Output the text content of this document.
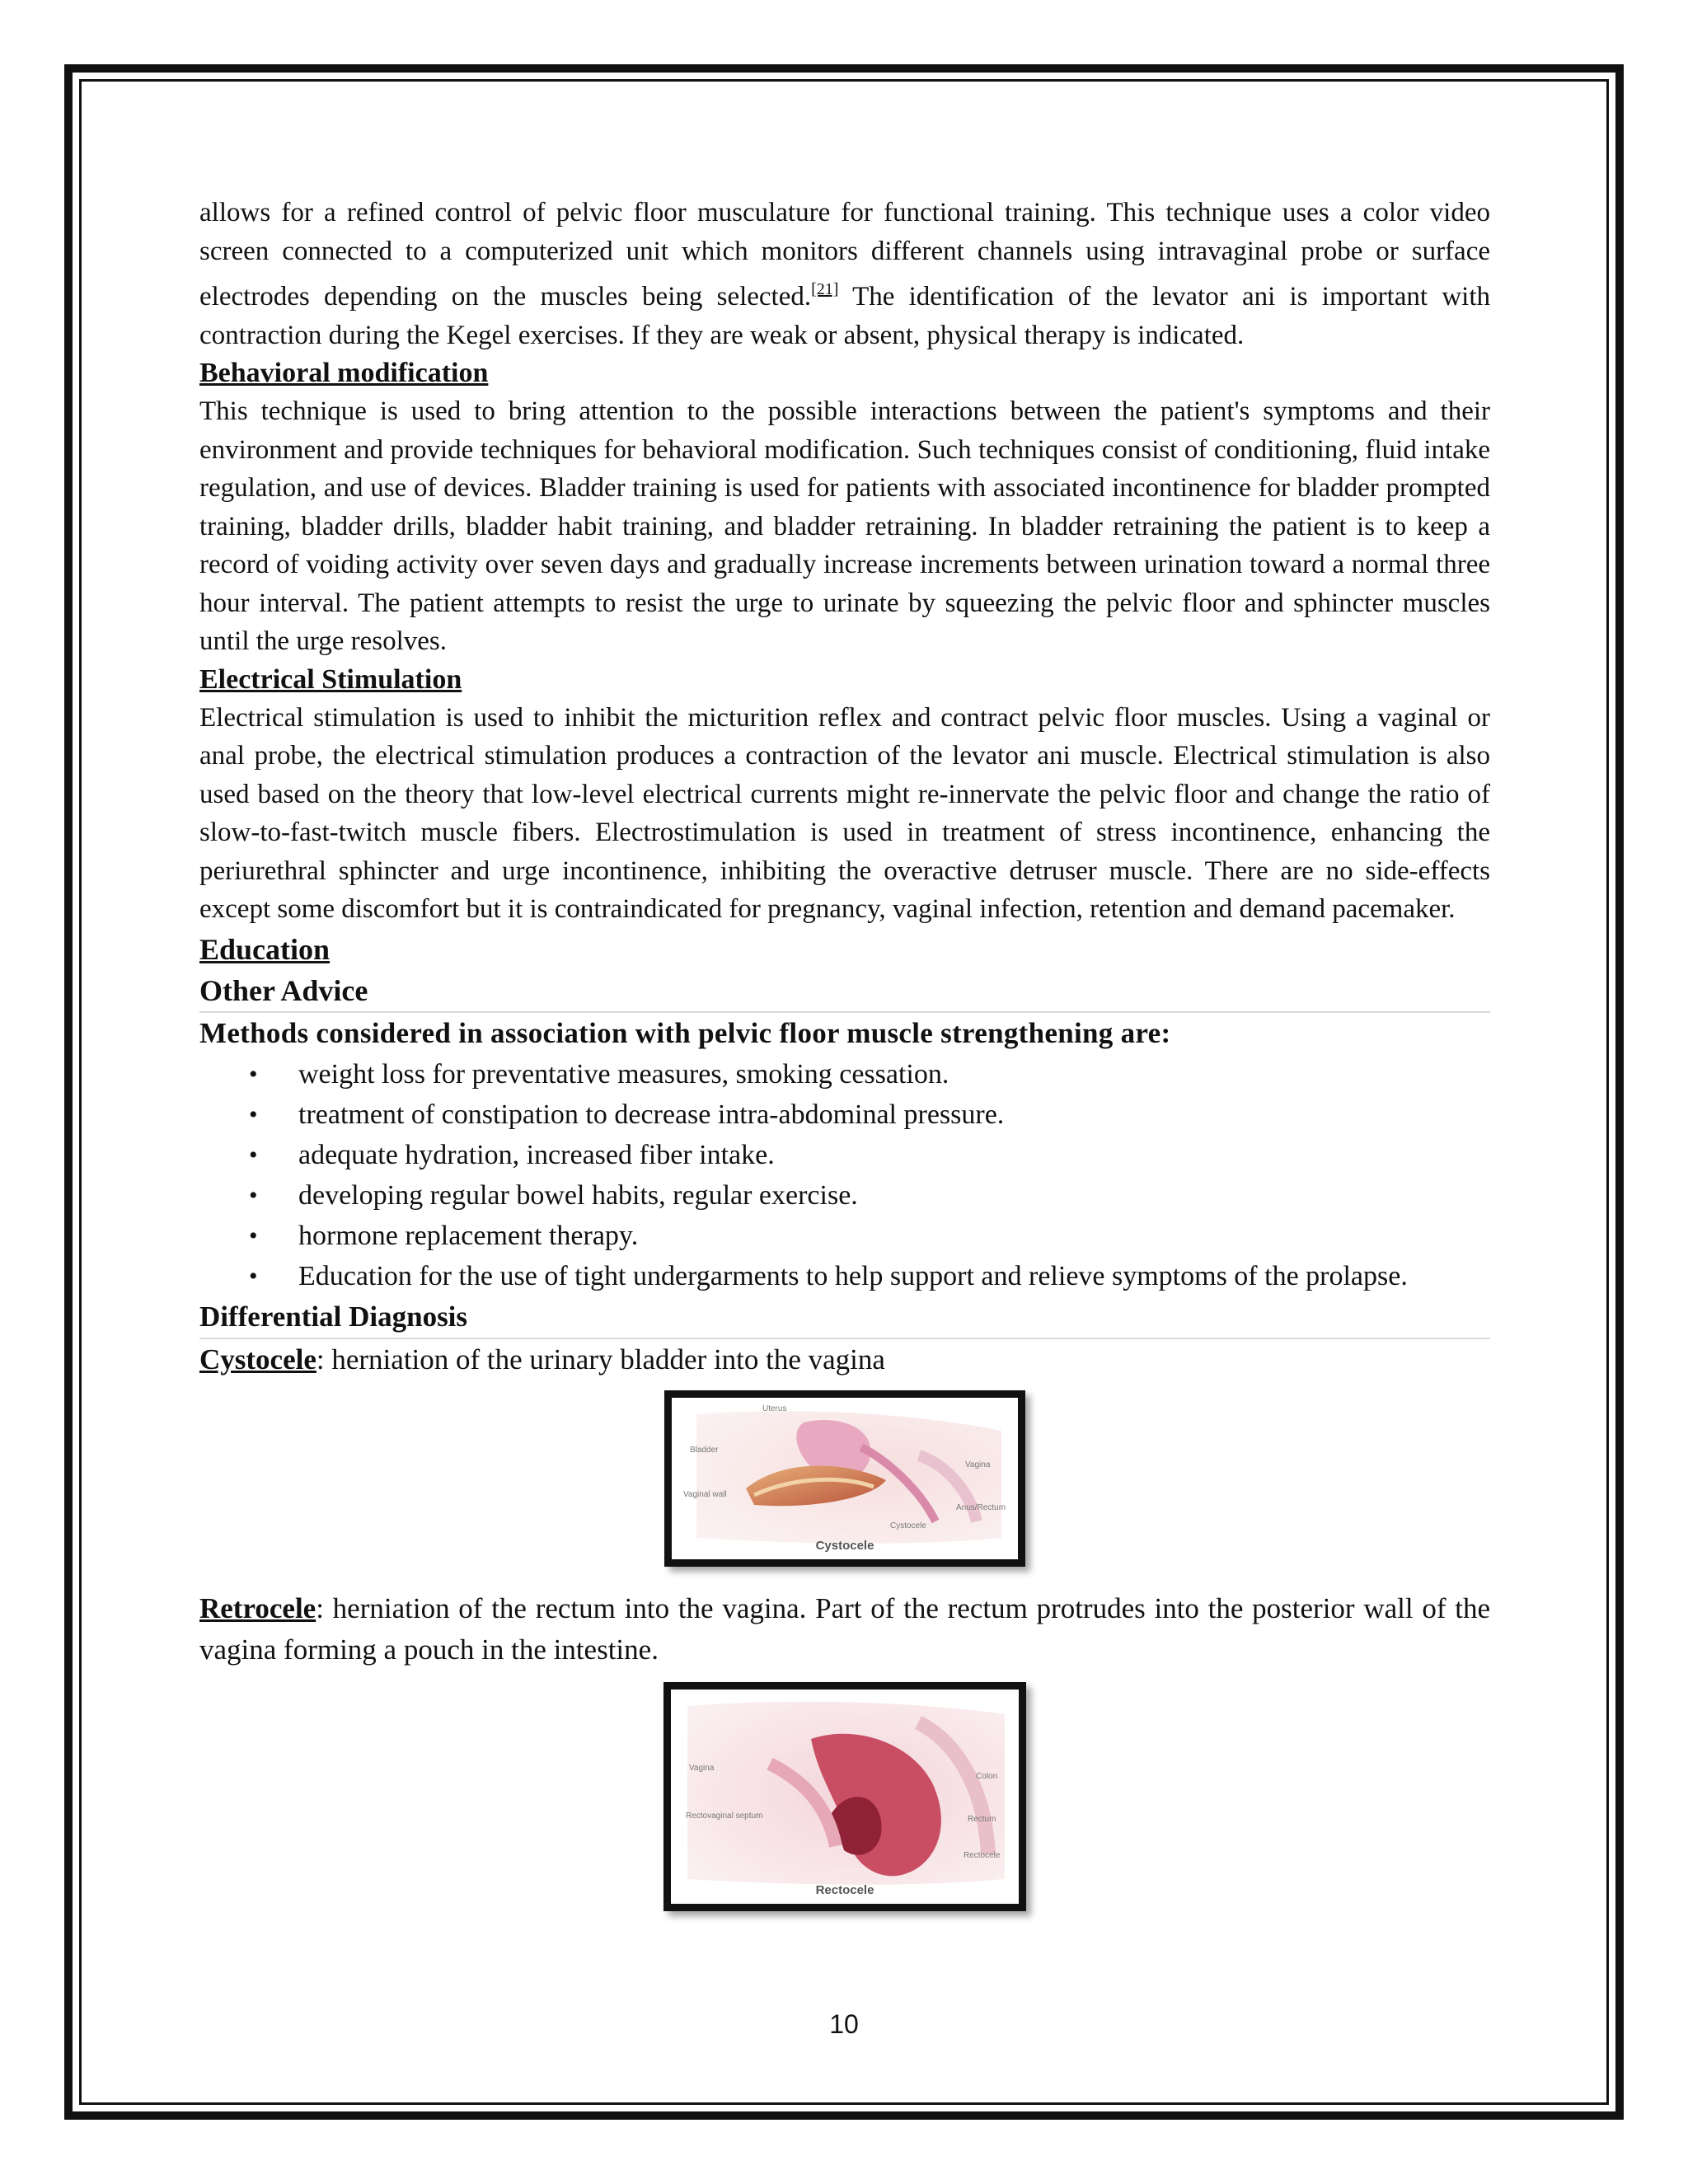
allows for a refined control of pelvic floor musculature for functional training. This technique uses a color video screen connected to a computerized unit which monitors different channels using intravaginal probe or surface electrodes depending on the muscles being selected.[21] The identification of the levator ani is important with contraction during the Kegel exercises. If they are weak or absent, physical therapy is indicated.

Behavioral modification

This technique is used to bring attention to the possible interactions between the patient's symptoms and their environment and provide techniques for behavioral modification. Such techniques consist of conditioning, fluid intake regulation, and use of devices. Bladder training is used for patients with associated incontinence for bladder prompted training, bladder drills, bladder habit training, and bladder retraining. In bladder retraining the patient is to keep a record of voiding activity over seven days and gradually increase increments between urination toward a normal three hour interval. The patient attempts to resist the urge to urinate by squeezing the pelvic floor and sphincter muscles until the urge resolves.

Electrical Stimulation

Electrical stimulation is used to inhibit the micturition reflex and contract pelvic floor muscles. Using a vaginal or anal probe, the electrical stimulation produces a contraction of the levator ani muscle. Electrical stimulation is also used based on the theory that low-level electrical currents might re-innervate the pelvic floor and change the ratio of slow-to-fast-twitch muscle fibers. Electrostimulation is used in treatment of stress incontinence, enhancing the periurethral sphincter and urge incontinence, inhibiting the overactive detruser muscle. There are no side-effects except some discomfort but it is contraindicated for pregnancy, vaginal infection, retention and demand pacemaker.

Education
Other Advice
Methods considered in association with pelvic floor muscle strengthening are:
• weight loss for preventative measures, smoking cessation.
• treatment of constipation to decrease intra-abdominal pressure.
• adequate hydration, increased fiber intake.
• developing regular bowel habits, regular exercise.
• hormone replacement therapy.
• Education for the use of tight undergarments to help support and relieve symptoms of the prolapse.
Differential Diagnosis

Cystocele: herniation of the urinary bladder into the vagina

Uterus
Bladder
Vaginal wall
Vagina
Cystocele
Anus/Rectum
Cystocele

Retrocele: herniation of the rectum into the vagina. Part of the rectum protrudes into the posterior wall of the vagina forming a pouch in the intestine.

Vagina
Rectovaginal septum
Colon
Rectum
Rectocele
Rectocele
10
